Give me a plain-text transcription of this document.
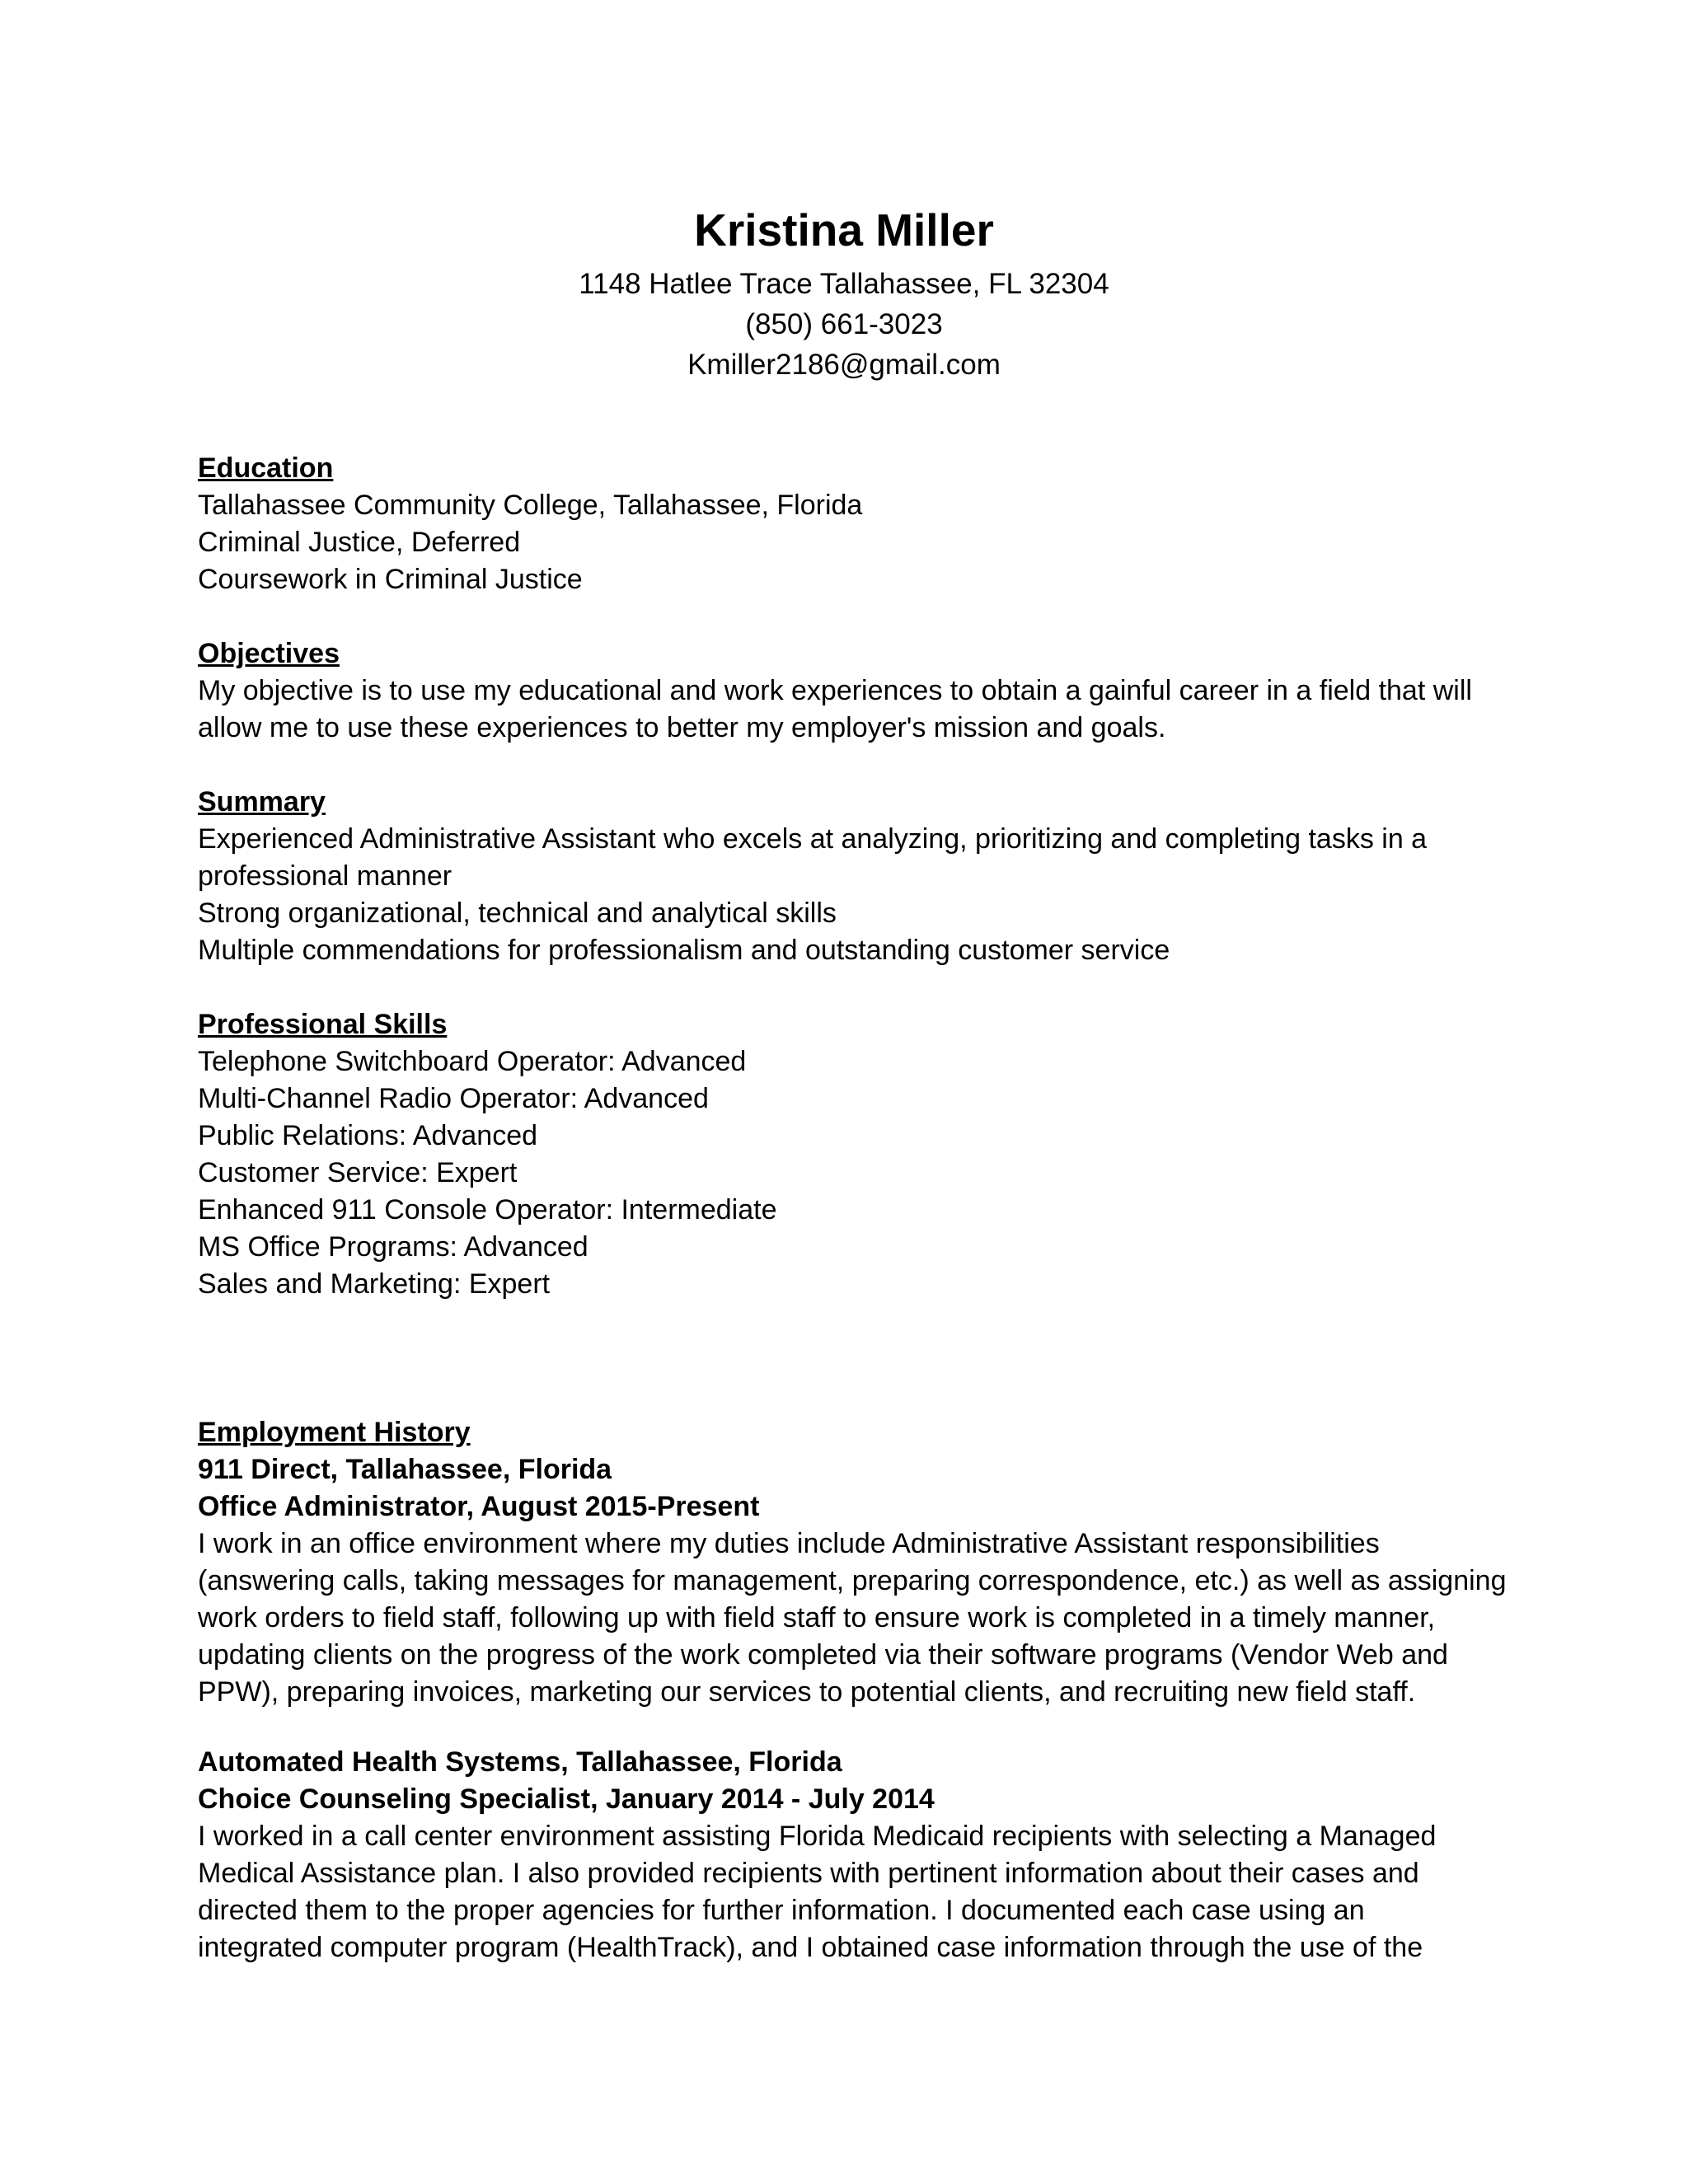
Kristina Miller
1148 Hatlee Trace Tallahassee, FL 32304
(850) 661-3023
Kmiller2186@gmail.com
Education
Tallahassee Community College, Tallahassee, Florida
Criminal Justice, Deferred
Coursework in Criminal Justice
Objectives
My objective is to use my educational and work experiences to obtain a gainful career in a field that will
allow me to use these experiences to better my employer's mission and goals.
Summary
Experienced Administrative Assistant who excels at analyzing, prioritizing and completing tasks in a
professional manner
Strong organizational, technical and analytical skills
Multiple commendations for professionalism and outstanding customer service
Professional Skills
Telephone Switchboard Operator: Advanced
Multi-Channel Radio Operator: Advanced
Public Relations: Advanced
Customer Service: Expert
Enhanced 911 Console Operator: Intermediate
MS Office Programs: Advanced
Sales and Marketing: Expert
Employment History
911 Direct, Tallahassee, Florida
Office Administrator, August 2015-Present
I work in an office environment where my duties include Administrative Assistant responsibilities
(answering calls, taking messages for management, preparing correspondence, etc.) as well as assigning
work orders to field staff, following up with field staff to ensure work is completed in a timely manner,
updating clients on the progress of the work completed via their software programs (Vendor Web and
PPW), preparing invoices, marketing our services to potential clients, and recruiting new field staff.
Automated Health Systems, Tallahassee, Florida
Choice Counseling Specialist, January 2014 - July 2014
I worked in a call center environment assisting Florida Medicaid recipients with selecting a Managed
Medical Assistance plan. I also provided recipients with pertinent information about their cases and
directed them to the proper agencies for further information. I documented each case using an
integrated computer program (HealthTrack), and I obtained case information through the use of the
